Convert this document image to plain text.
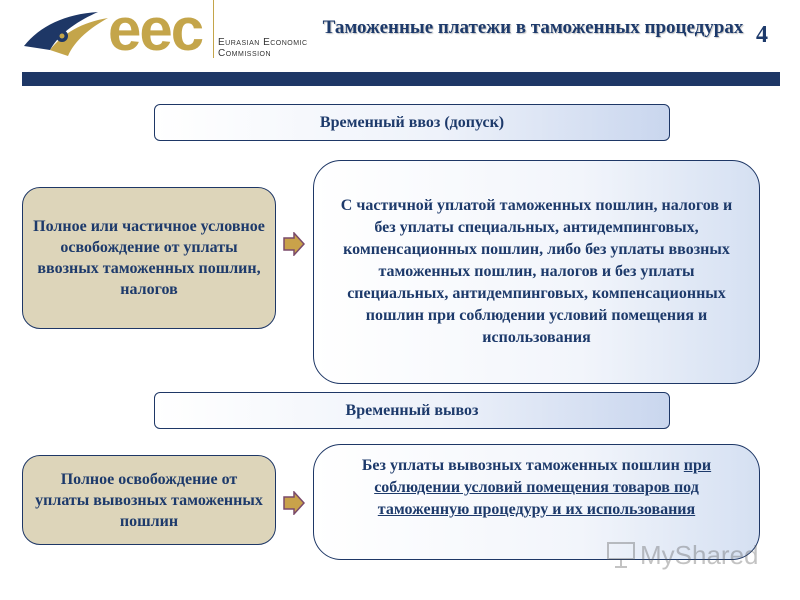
eec Eurasian Economic
Commission
Таможенные платежи в таможенных процедурах 4
Временный ввоз (допуск)
Полное или частичное условное освобождение от уплаты ввозных таможенных пошлин, налогов
С частичной уплатой таможенных пошлин, налогов и без уплаты специальных, антидемпинговых, компенсационных пошлин, либо без уплаты ввозных таможенных пошлин, налогов и без уплаты специальных, антидемпинговых, компенсационных пошлин при соблюдении условий помещения и использования
Временный вывоз
Полное освобождение от уплаты вывозных таможенных пошлин
Без уплаты вывозных таможенных пошлин при соблюдении условий помещения товаров под таможенную процедуру и их использования
MyShared
